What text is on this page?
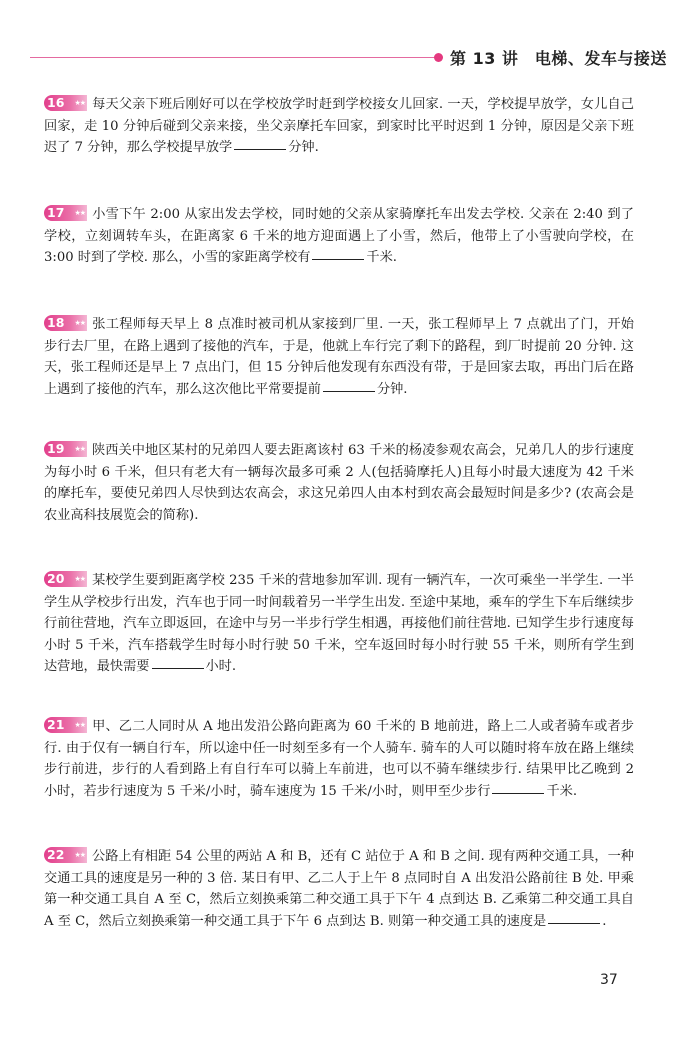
第 13 讲　电梯、发车与接送
16 ★★ 每天父亲下班后刚好可以在学校放学时赶到学校接女儿回家. 一天，学校提早放学，女儿自己回家，走 10 分钟后碰到父亲来接，坐父亲摩托车回家，到家时比平时迟到 1 分钟，原因是父亲下班迟了 7 分钟，那么学校提早放学	分钟.
17 ★★ 小雪下午 2:00 从家出发去学校，同时她的父亲从家骑摩托车出发去学校. 父亲在 2:40 到了学校，立刻调转车头，在距离家 6 千米的地方迎面遇上了小雪，然后，他带上了小雪驶向学校，在 3:00 时到了学校. 那么，小雪的家距离学校有	千米.
18 ★★ 张工程师每天早上 8 点准时被司机从家接到厂里. 一天，张工程师早上 7 点就出了门，开始步行去厂里，在路上遇到了接他的汽车，于是，他就上车行完了剩下的路程，到厂时提前 20 分钟. 这天，张工程师还是早上 7 点出门，但 15 分钟后他发现有东西没有带，于是回家去取，再出门后在路上遇到了接他的汽车，那么这次他比平常要提前	分钟.
19 ★★ 陕西关中地区某村的兄弟四人要去距离该村 63 千米的杨凌参观农高会，兄弟几人的步行速度为每小时 6 千米，但只有老大有一辆每次最多可乘 2 人(包括骑摩托人)且每小时最大速度为 42 千米的摩托车，要使兄弟四人尽快到达农高会，求这兄弟四人由本村到农高会最短时间是多少? (农高会是农业高科技展览会的简称).
20 ★★ 某校学生要到距离学校 235 千米的营地参加军训. 现有一辆汽车，一次可乘坐一半学生. 一半学生从学校步行出发，汽车也于同一时间载着另一半学生出发. 至途中某地，乘车的学生下车后继续步行前往营地，汽车立即返回，在途中与另一半步行学生相遇，再接他们前往营地. 已知学生步行速度每小时 5 千米，汽车搭载学生时每小时行驶 50 千米，空车返回时每小时行驶 55 千米，则所有学生到达营地，最快需要	小时.
21 ★★ 甲、乙二人同时从 A 地出发沿公路向距离为 60 千米的 B 地前进，路上二人或者骑车或者步行. 由于仅有一辆自行车，所以途中任一时刻至多有一个人骑车. 骑车的人可以随时将车放在路上继续步行前进，步行的人看到路上有自行车可以骑上车前进，也可以不骑车继续步行. 结果甲比乙晚到 2 小时，若步行速度为 5 千米/小时，骑车速度为 15 千米/小时，则甲至少步行	千米.
22 ★★ 公路上有相距 54 公里的两站 A 和 B，还有 C 站位于 A 和 B 之间. 现有两种交通工具，一种交通工具的速度是另一种的 3 倍. 某日有甲、乙二人于上午 8 点同时自 A 出发沿公路前往 B 处. 甲乘第一种交通工具自 A 至 C，然后立刻换乘第二种交通工具于下午 4 点到达 B. 乙乘第二种交通工具自 A 至 C，然后立刻换乘第一种交通工具于下午 6 点到达 B. 则第一种交通工具的速度是	.
37
